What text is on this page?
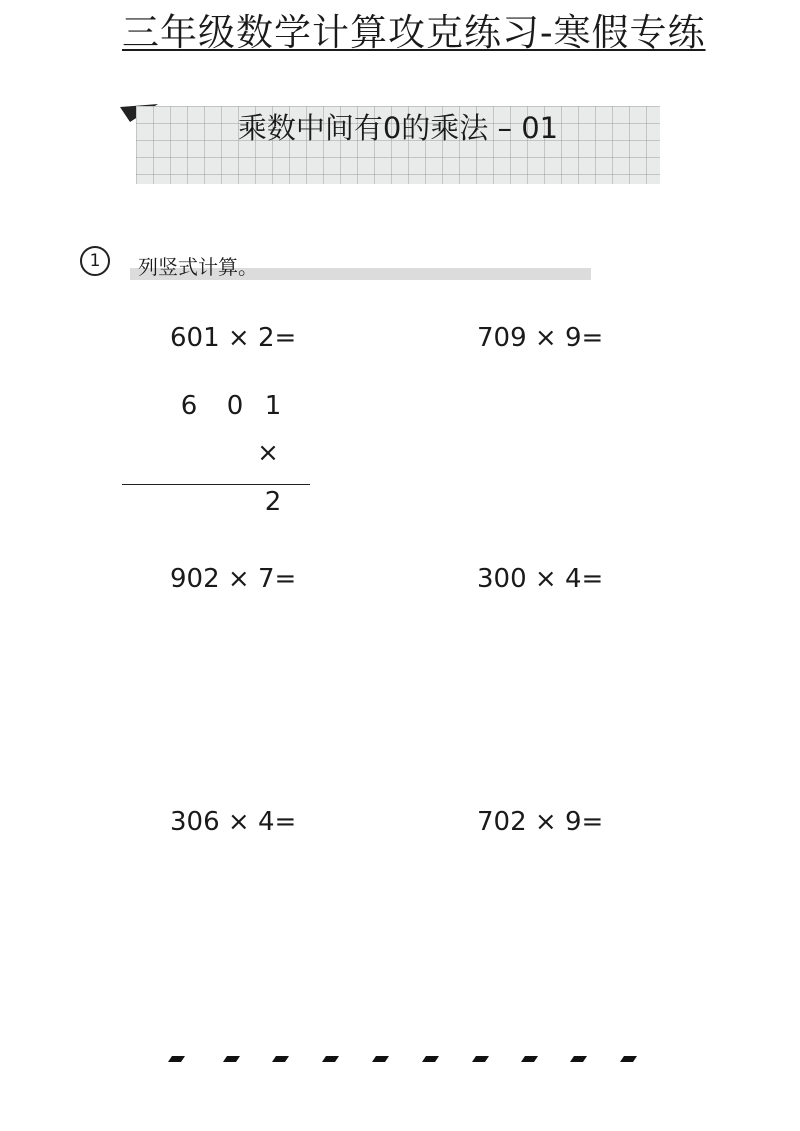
三年级数学计算攻克练习-寒假专练
乘数中间有0的乘法 – 01
1	列竖式计算。
601 × 2=	709 × 9=
6 0 1
×
2
902 × 7=	300 × 4=
306 × 4=	702 × 9=
